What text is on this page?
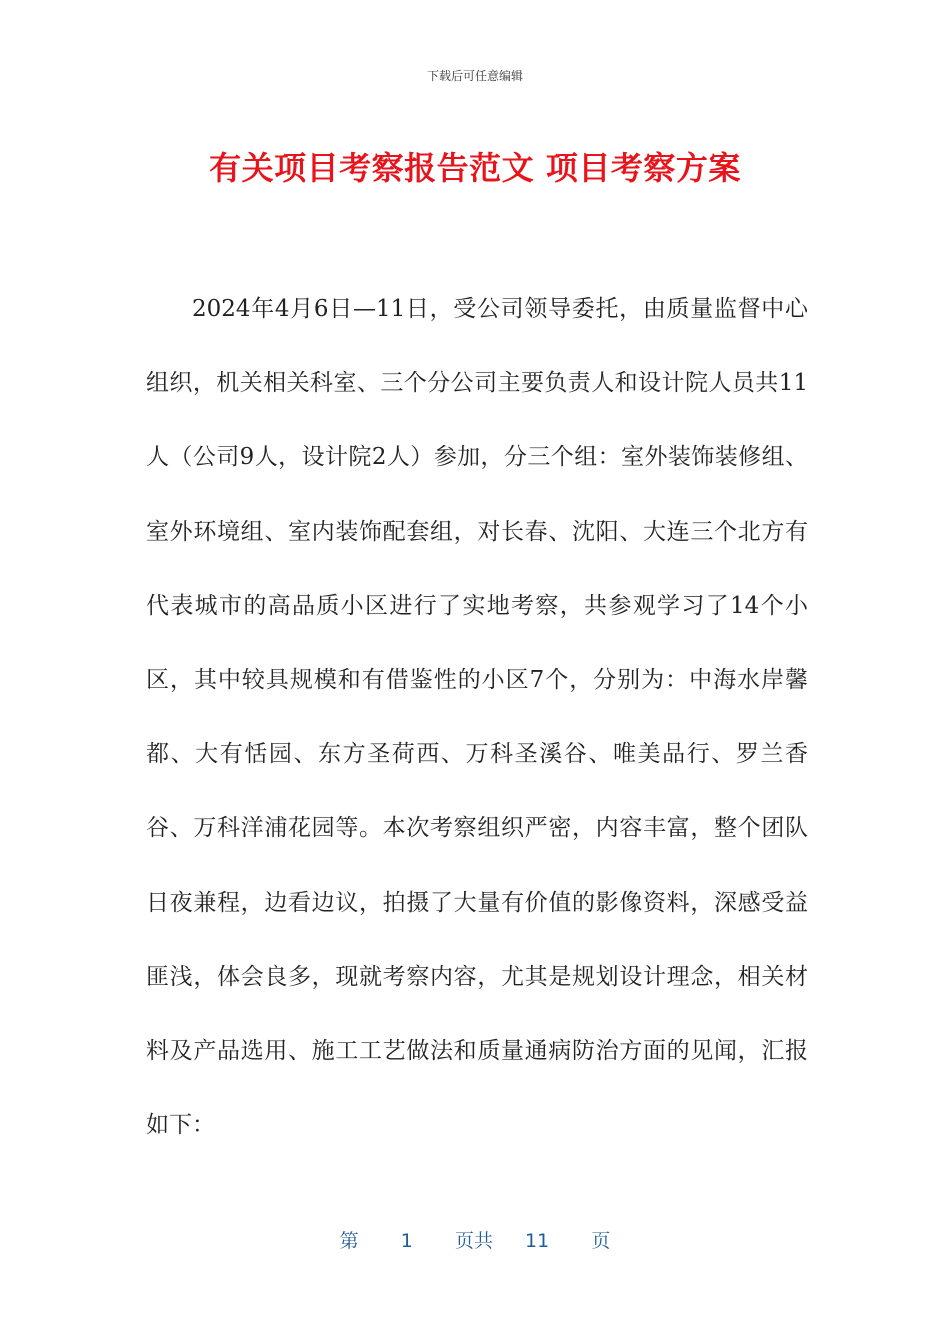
下载后可任意编辑
有关项目考察报告范文 项目考察方案
2024年4月6日—11日，受公司领导委托，由质量监督中心组织，机关相关科室、三个分公司主要负责人和设计院人员共11人（公司9人，设计院2人）参加，分三个组：室外装饰装修组、室外环境组、室内装饰配套组，对长春、沈阳、大连三个北方有代表城市的高品质小区进行了实地考察，共参观学习了14个小区，其中较具规模和有借鉴性的小区7个，分别为：中海水岸馨都、大有恬园、东方圣荷西、万科圣溪谷、唯美品行、罗兰香谷、万科洋浦花园等。本次考察组织严密，内容丰富，整个团队日夜兼程，边看边议，拍摄了大量有价值的影像资料，深感受益匪浅，体会良多，现就考察内容，尤其是规划设计理念，相关材料及产品选用、施工工艺做法和质量通病防治方面的见闻，汇报如下：
第 1 页共 11 页
